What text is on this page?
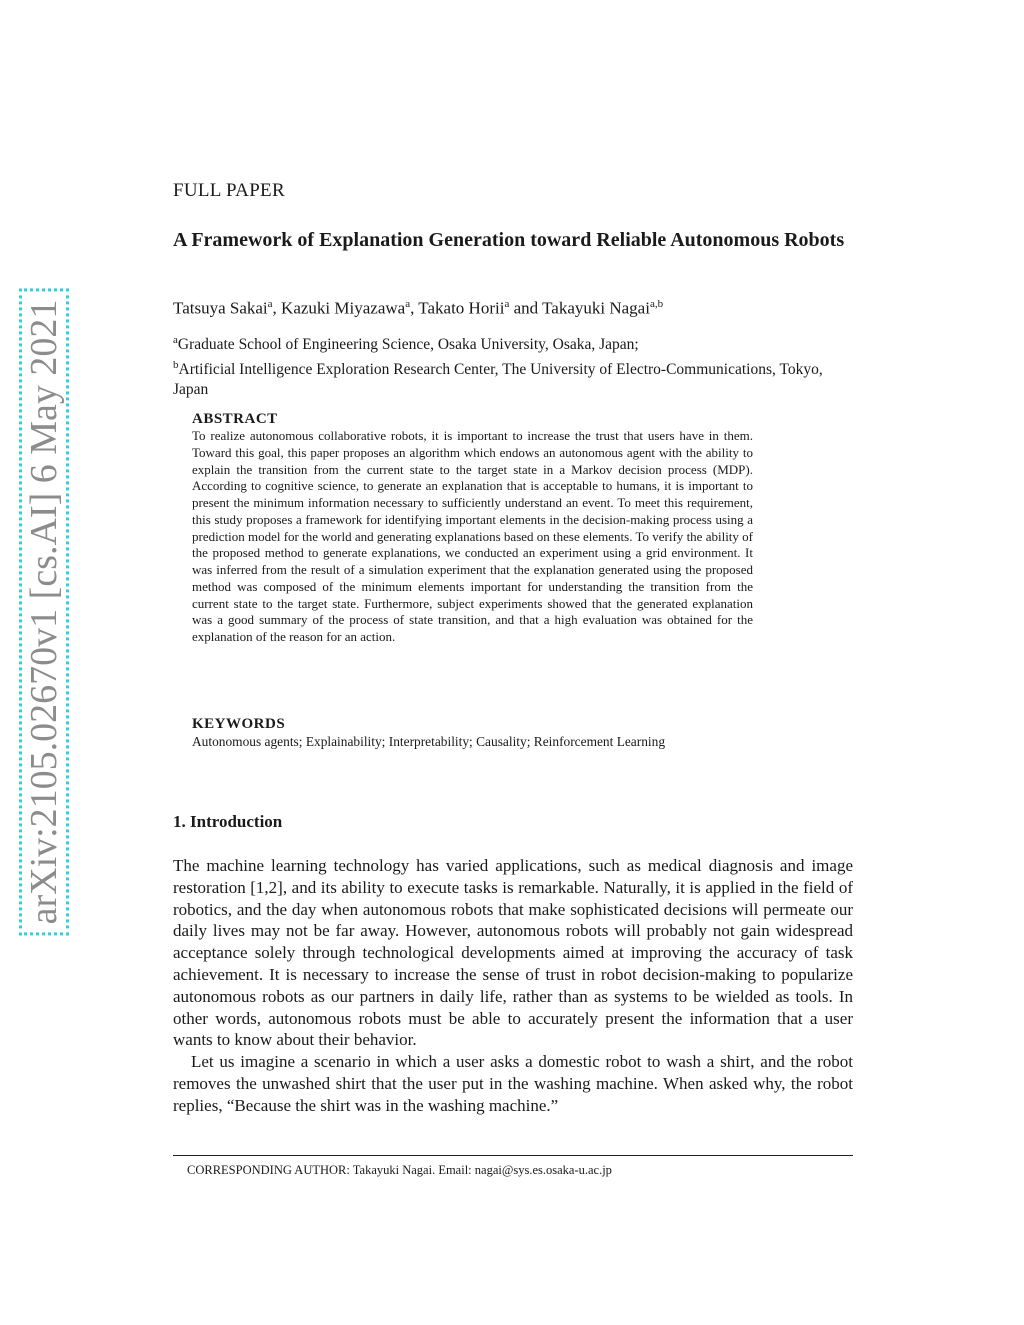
arXiv:2105.02670v1 [cs.AI] 6 May 2021
FULL PAPER
A Framework of Explanation Generation toward Reliable Autonomous Robots
Tatsuya Sakai$^a$, Kazuki Miyazawa$^a$, Takato Horii$^a$ and Takayuki Nagai$^{a,b}$
$^a$Graduate School of Engineering Science, Osaka University, Osaka, Japan;
$^b$Artificial Intelligence Exploration Research Center, The University of Electro-Communications, Tokyo, Japan
ABSTRACT

To realize autonomous collaborative robots, it is important to increase the trust that users have in them. Toward this goal, this paper proposes an algorithm which endows an autonomous agent with the ability to explain the transition from the current state to the target state in a Markov decision process (MDP). According to cognitive science, to generate an explanation that is acceptable to humans, it is important to present the minimum information necessary to sufficiently understand an event. To meet this requirement, this study proposes a framework for identifying important elements in the decision-making process using a prediction model for the world and generating explanations based on these elements. To verify the ability of the proposed method to generate explanations, we conducted an experiment using a grid environment. It was inferred from the result of a simulation experiment that the explanation generated using the proposed method was composed of the minimum elements important for understanding the transition from the current state to the target state. Furthermore, subject experiments showed that the generated explanation was a good summary of the process of state transition, and that a high evaluation was obtained for the explanation of the reason for an action.

KEYWORDS

Autonomous agents; Explainability; Interpretability; Causality; Reinforcement Learning

1. Introduction

The machine learning technology has varied applications, such as medical diagnosis and image restoration [1,2], and its ability to execute tasks is remarkable. Naturally, it is applied in the field of robotics, and the day when autonomous robots that make sophisticated decisions will permeate our daily lives may not be far away. However, autonomous robots will probably not gain widespread acceptance solely through technological developments aimed at improving the accuracy of task achievement. It is necessary to increase the sense of trust in robot decision-making to popularize autonomous robots as our partners in daily life, rather than as systems to be wielded as tools. In other words, autonomous robots must be able to accurately present the information that a user wants to know about their behavior.

Let us imagine a scenario in which a user asks a domestic robot to wash a shirt, and the robot removes the unwashed shirt that the user put in the washing machine. When asked why, the robot replies, “Because the shirt was in the washing machine.”

CORRESPONDING AUTHOR: Takayuki Nagai. Email: nagai@sys.es.osaka-u.ac.jp
